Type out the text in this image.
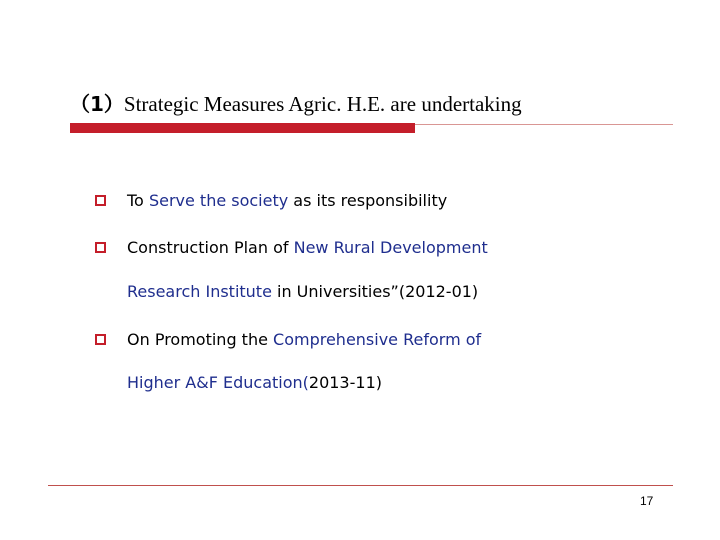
（1）Strategic Measures Agric. H.E. are undertaking
To Serve the society as its responsibility
Construction Plan of New Rural Development
Research Institute in Universities”(2012-01)
On Promoting the Comprehensive Reform of
Higher A&F Education(2013-11)
17
